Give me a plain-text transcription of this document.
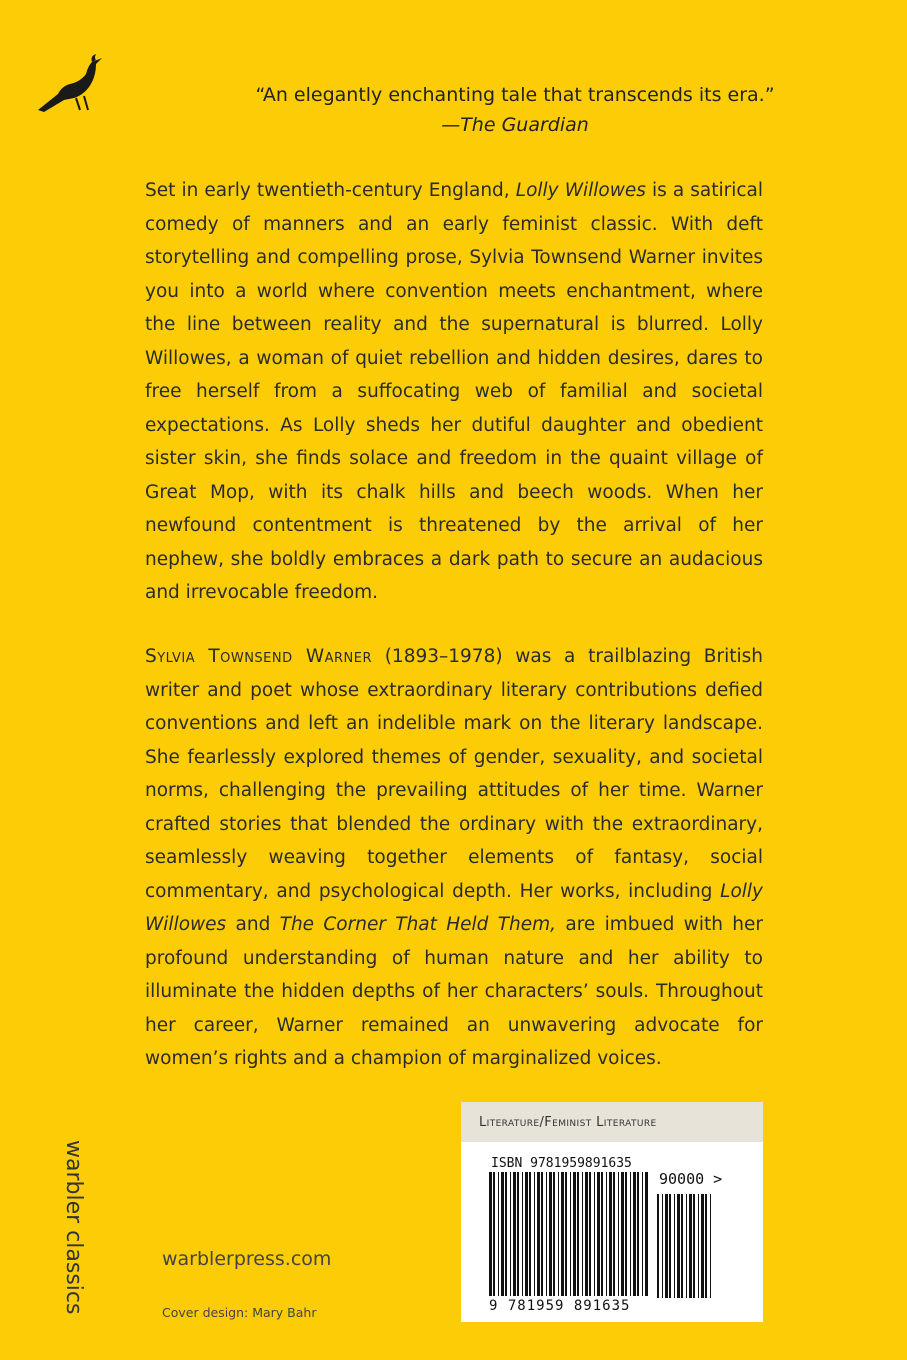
“An elegantly enchanting tale that transcends its era.”
—The Guardian
Set in early twentieth-century England, Lolly Willowes is a satirical comedy of manners and an early feminist classic. With deft storytelling and compelling prose, Sylvia Townsend Warner invites you into a world where convention meets enchantment, where the line between reality and the supernatural is blurred. Lolly Willowes, a woman of quiet rebellion and hidden desires, dares to free herself from a suffocating web of familial and societal expectations. As Lolly sheds her dutiful daughter and obedient sister skin, she finds solace and freedom in the quaint village of Great Mop, with its chalk hills and beech woods. When her newfound contentment is threatened by the arrival of her nephew, she boldly embraces a dark path to secure an audacious and irrevocable freedom.
Sylvia Townsend Warner (1893–1978) was a trailblazing British writer and poet whose extraordinary literary contributions defied conventions and left an indelible mark on the literary landscape. She fearlessly explored themes of gender, sexuality, and societal norms, challenging the prevailing attitudes of her time. Warner crafted stories that blended the ordinary with the extraordinary, seamlessly weaving together elements of fantasy, social commentary, and psychological depth. Her works, including Lolly Willowes and The Corner That Held Them, are imbued with her profound understanding of human nature and her ability to illuminate the hidden depths of her characters’ souls. Throughout her career, Warner remained an unwavering advocate for women’s rights and a champion of marginalized voices.
warbler classics	warblerpress.com
Cover design: Mary Bahr
Literature/Feminist Literature
ISBN 9781959891635
90000 >
9 781959 891635
